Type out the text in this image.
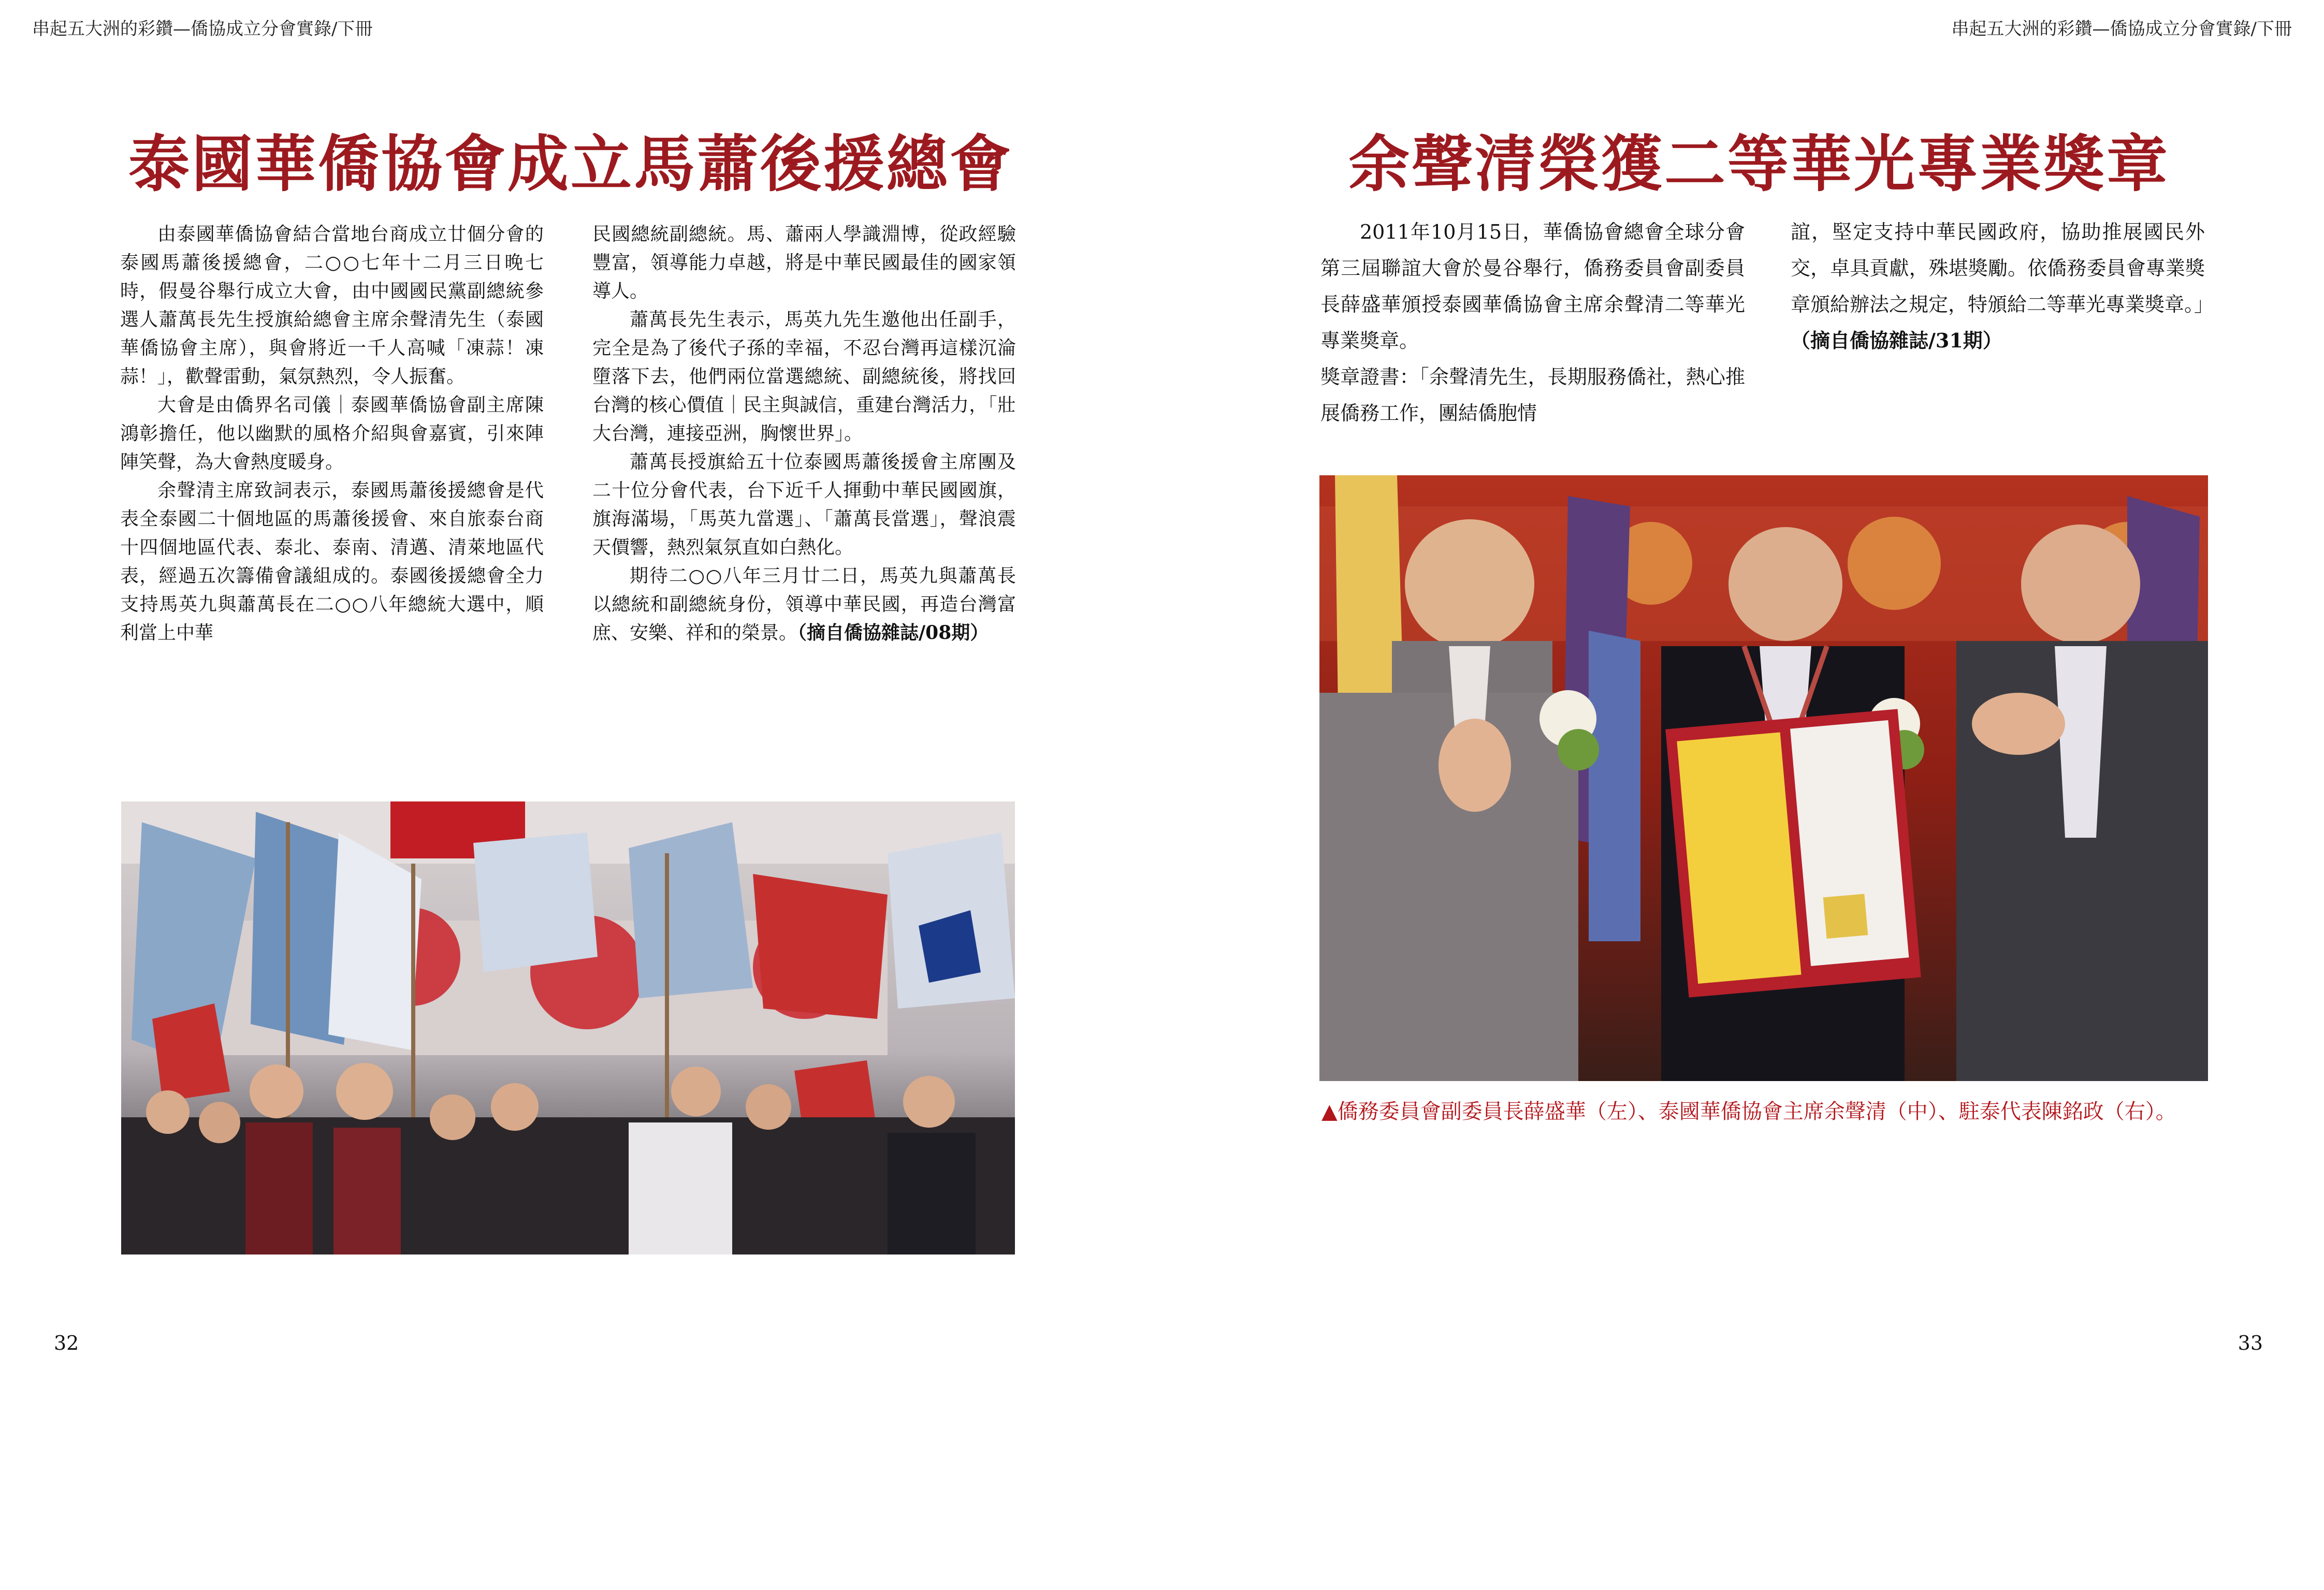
串起五大洲的彩鑽—僑協成立分會實錄/下冊	串起五大洲的彩鑽—僑協成立分會實錄/下冊
泰國華僑協會成立馬蕭後援總會

由泰國華僑協會結合當地台商成立廿個分會的泰國馬蕭後援總會，二○○七年十二月三日晚七時，假曼谷舉行成立大會，由中國國民黨副總統參選人蕭萬長先生授旗給總會主席余聲清先生（泰國華僑協會主席），與會將近一千人高喊「凍蒜！凍蒜！」，歡聲雷動，氣氛熱烈，令人振奮。

大會是由僑界名司儀｜泰國華僑協會副主席陳鴻彰擔任，他以幽默的風格介紹與會嘉賓，引來陣陣笑聲，為大會熱度暖身。

余聲清主席致詞表示，泰國馬蕭後援總會是代表全泰國二十個地區的馬蕭後援會、來自旅泰台商十四個地區代表、泰北、泰南、清邁、清萊地區代表，經過五次籌備會議組成的。泰國後援總會全力支持馬英九與蕭萬長在二○○八年總統大選中，順利當上中華

民國總統副總統。馬、蕭兩人學識淵博，從政經驗豐富，領導能力卓越，將是中華民國最佳的國家領導人。

蕭萬長先生表示，馬英九先生邀他出任副手，完全是為了後代子孫的幸福，不忍台灣再這樣沉淪墮落下去，他們兩位當選總統、副總統後，將找回台灣的核心價值｜民主與誠信，重建台灣活力，「壯大台灣，連接亞洲，胸懷世界」。

蕭萬長授旗給五十位泰國馬蕭後援會主席團及二十位分會代表，台下近千人揮動中華民國國旗，旗海滿場，「馬英九當選」、「蕭萬長當選」，聲浪震天價響，熱烈氣氛直如白熱化。

期待二○○八年三月廿二日，馬英九與蕭萬長以總統和副總統身份，領導中華民國，再造台灣富庶、安樂、祥和的榮景。（摘自僑協雜誌/08期）

32
余聲清榮獲二等華光專業獎章

2011年10月15日，華僑協會總會全球分會第三屆聯誼大會於曼谷舉行，僑務委員會副委員長薛盛華頒授泰國華僑協會主席余聲清二等華光專業獎章。

獎章證書：「余聲清先生，長期服務僑社，熱心推展僑務工作，團結僑胞情
誼，堅定支持中華民國政府，協助推展國民外交，卓具貢獻，殊堪獎勵。依僑務委員會專業獎章頒給辦法之規定，特頒給二等華光專業獎章。」（摘自僑協雜誌/31期）
▲僑務委員會副委員長薛盛華（左）、泰國華僑協會主席余聲清（中）、駐泰代表陳銘政（右）。
33
